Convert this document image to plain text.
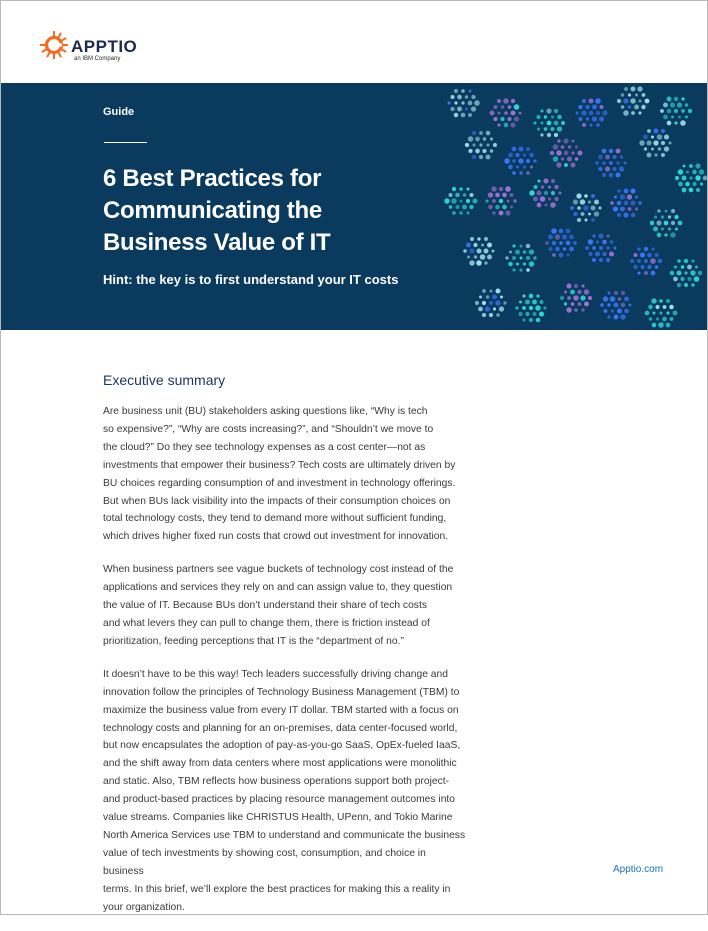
APPTIO
an IBM Company
Guide
6 Best Practices for
Communicating the
Business Value of IT
Hint: the key is to first understand your IT costs
Executive summary

Are business unit (BU) stakeholders asking questions like, “Why is tech
so expensive?”, “Why are costs increasing?”, and “Shouldn’t we move to
the cloud?” Do they see technology expenses as a cost center—not as
investments that empower their business? Tech costs are ultimately driven by
BU choices regarding consumption of and investment in technology offerings.
But when BUs lack visibility into the impacts of their consumption choices on
total technology costs, they tend to demand more without sufficient funding,
which drives higher fixed run costs that crowd out investment for innovation.

When business partners see vague buckets of technology cost instead of the
applications and services they rely on and can assign value to, they question
the value of IT. Because BUs don’t understand their share of tech costs
and what levers they can pull to change them, there is friction instead of
prioritization, feeding perceptions that IT is the “department of no.”

It doesn’t have to be this way! Tech leaders successfully driving change and
innovation follow the principles of Technology Business Management (TBM) to
maximize the business value from every IT dollar. TBM started with a focus on
technology costs and planning for an on-premises, data center-focused world,
but now encapsulates the adoption of pay-as-you-go SaaS, OpEx-fueled IaaS,
and the shift away from data centers where most applications were monolithic
and static. Also, TBM reflects how business operations support both project-
and product-based practices by placing resource management outcomes into
value streams. Companies like CHRISTUS Health, UPenn, and Tokio Marine
North America Services use TBM to understand and communicate the business
value of tech investments by showing cost, consumption, and choice in business
terms. In this brief, we’ll explore the best practices for making this a reality in
your organization.

Apptio.com
